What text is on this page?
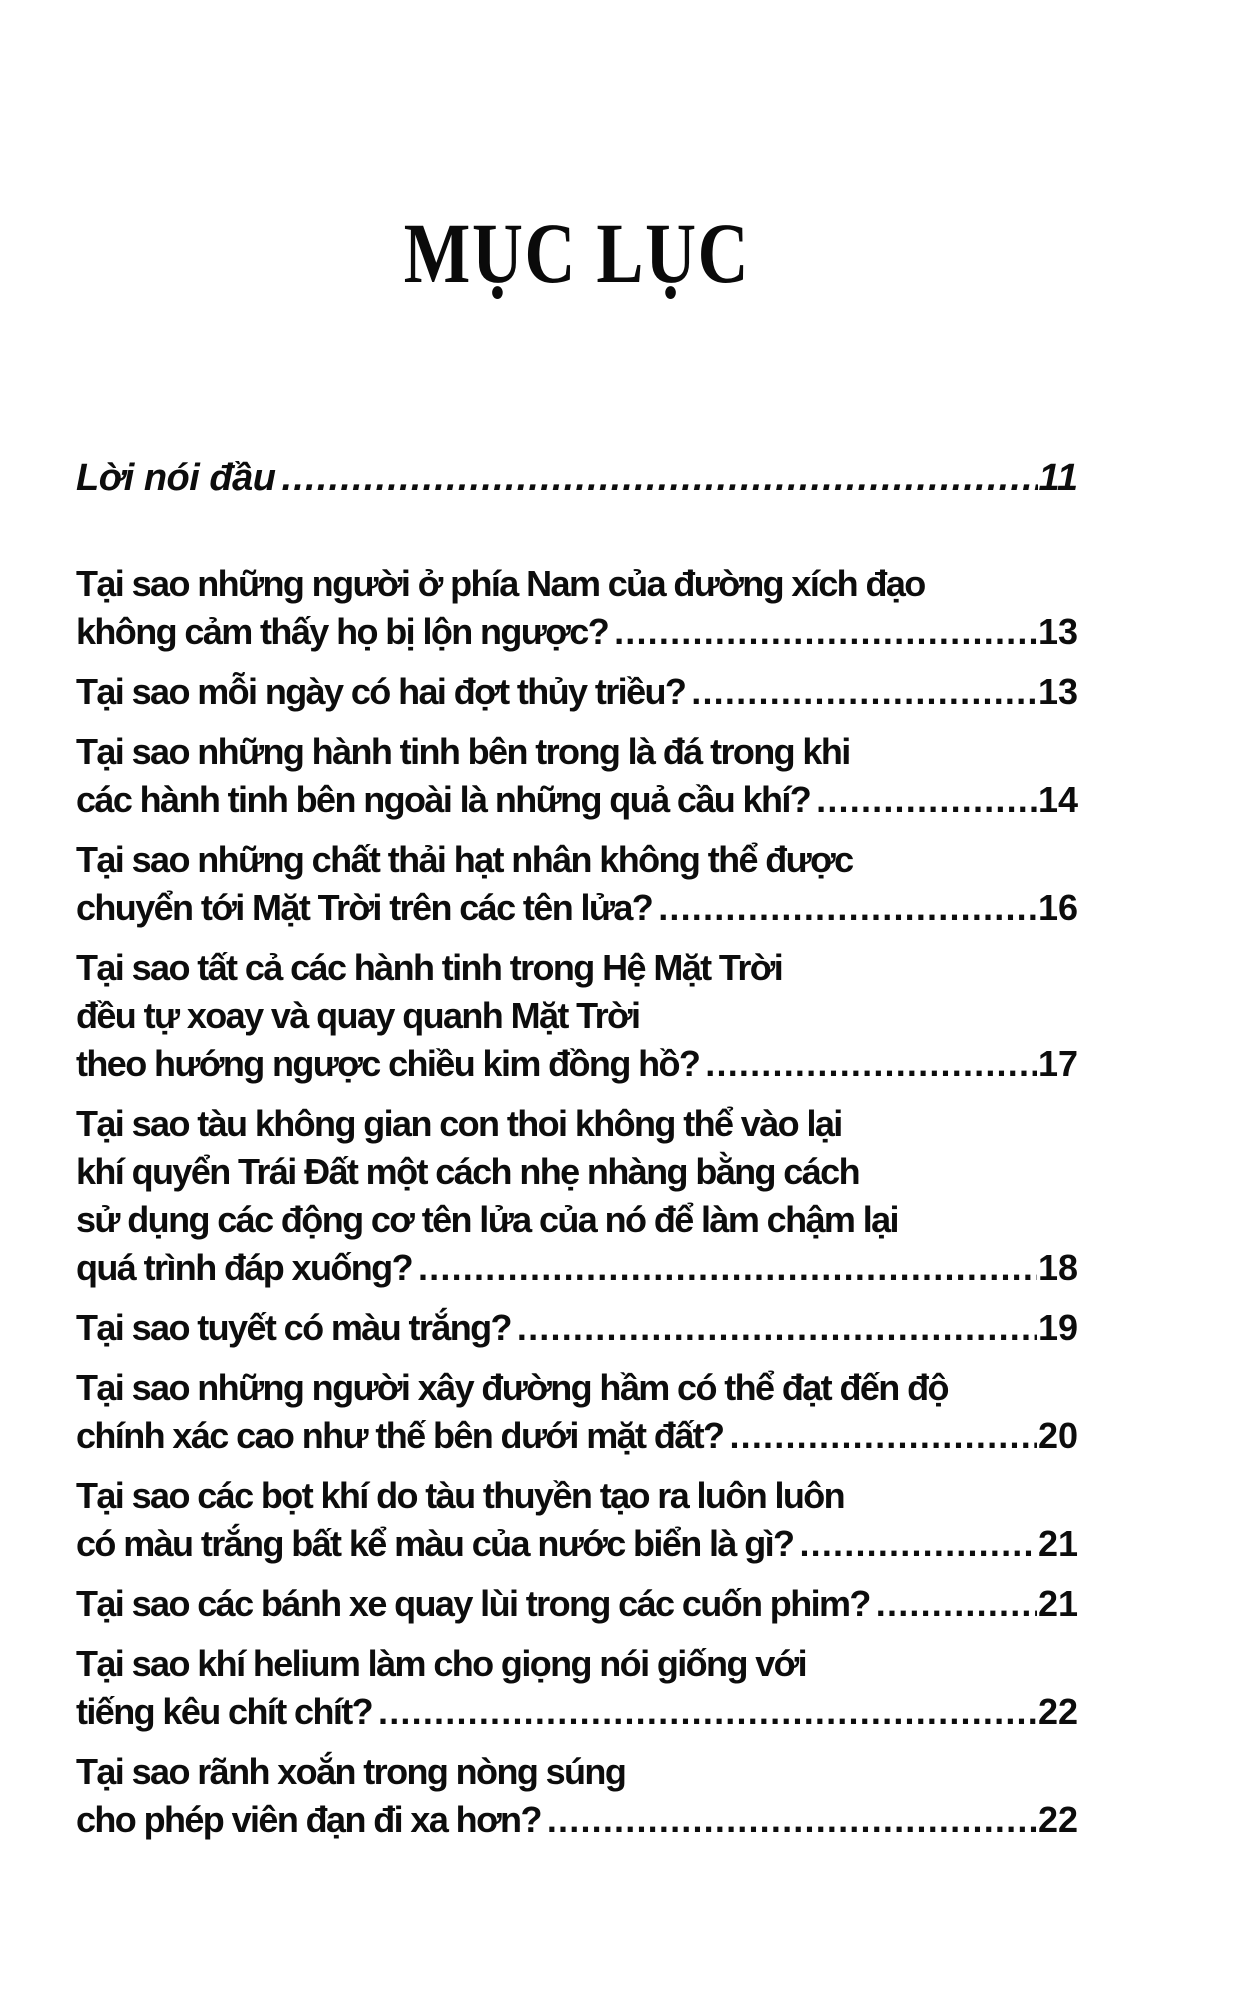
MỤC LỤC
Lời nói đầu .....	11
Tại sao những người ở phía Nam của đường xích đạo
không cảm thấy họ bị lộn ngược? .....	13
Tại sao mỗi ngày có hai đợt thủy triều? .....	13
Tại sao những hành tinh bên trong là đá trong khi
các hành tinh bên ngoài là những quả cầu khí? .....	14
Tại sao những chất thải hạt nhân không thể được
chuyển tới Mặt Trời trên các tên lửa? .....	16
Tại sao tất cả các hành tinh trong Hệ Mặt Trời
đều tự xoay và quay quanh Mặt Trời
theo hướng ngược chiều kim đồng hồ? .....	17
Tại sao tàu không gian con thoi không thể vào lại
khí quyển Trái Đất một cách nhẹ nhàng bằng cách
sử dụng các động cơ tên lửa của nó để làm chậm lại
quá trình đáp xuống? .....	18
Tại sao tuyết có màu trắng? .....	19
Tại sao những người xây đường hầm có thể đạt đến độ
chính xác cao như thế bên dưới mặt đất? .....	20
Tại sao các bọt khí do tàu thuyền tạo ra luôn luôn
có màu trắng bất kể màu của nước biển là gì? .....	21
Tại sao các bánh xe quay lùi trong các cuốn phim? .....	21
Tại sao khí helium làm cho giọng nói giống với
tiếng kêu chít chít? .....	22
Tại sao rãnh xoắn trong nòng súng
cho phép viên đạn đi xa hơn? .....	22
